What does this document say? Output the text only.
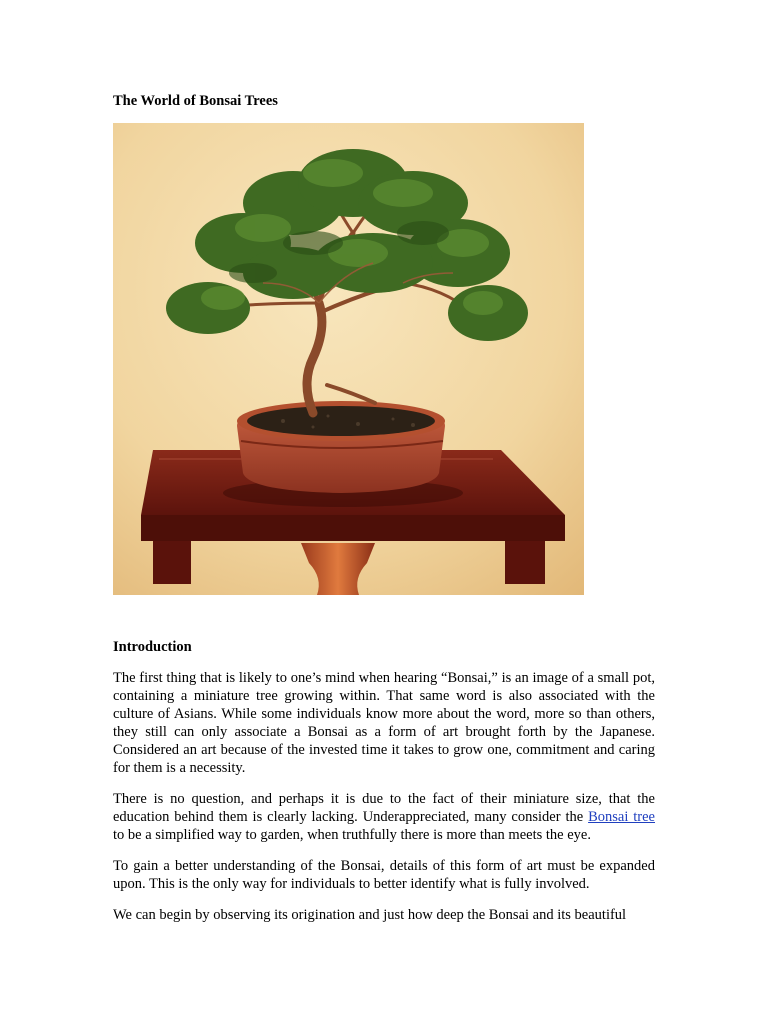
The World of Bonsai Trees
Introduction

The first thing that is likely to one’s mind when hearing “Bonsai,” is an image of a small pot, containing a miniature tree growing within. That same word is also associated with the culture of Asians. While some individuals know more about the word, more so than others, they still can only associate a Bonsai as a form of art brought forth by the Japanese. Considered an art because of the invested time it takes to grow one, commitment and caring for them is a necessity.

There is no question, and perhaps it is due to the fact of their miniature size, that the education behind them is clearly lacking. Underappreciated, many consider the Bonsai tree to be a simplified way to garden, when truthfully there is more than meets the eye.

To gain a better understanding of the Bonsai, details of this form of art must be expanded upon. This is the only way for individuals to better identify what is fully involved.

We can begin by observing its origination and just how deep the Bonsai and its beautiful
